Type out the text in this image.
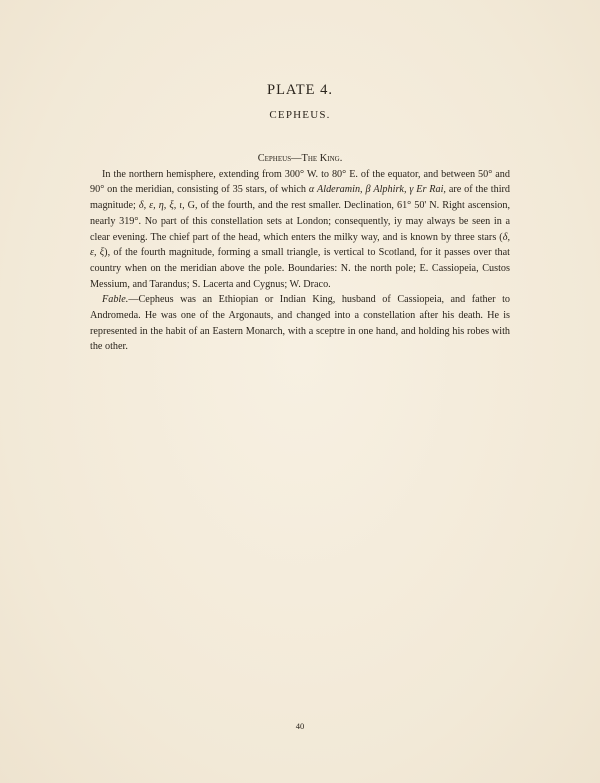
PLATE 4.
CEPHEUS.

Cepheus—The King.

In the northern hemisphere, extending from 300° W. to 80° E. of the equator, and between 50° and 90° on the meridian, consisting of 35 stars, of which α Alderamin, β Alphirk, γ Er Rai, are of the third magnitude; δ, ε, η, ξ, ι, G, of the fourth, and the rest smaller. Declination, 61° 50' N. Right ascension, nearly 319°. No part of this constellation sets at London; consequently, iy may always be seen in a clear evening. The chief part of the head, which enters the milky way, and is known by three stars (δ, ε, ξ), of the fourth magnitude, forming a small triangle, is vertical to Scotland, for it passes over that country when on the meridian above the pole. Boundaries: N. the north pole; E. Cassiopeia, Custos Messium, and Tarandus; S. Lacerta and Cygnus; W. Draco.

Fable.—Cepheus was an Ethiopian or Indian King, husband of Cassiopeia, and father to Andromeda. He was one of the Argonauts, and changed into a constellation after his death. He is represented in the habit of an Eastern Monarch, with a sceptre in one hand, and holding his robes with the other.

40
